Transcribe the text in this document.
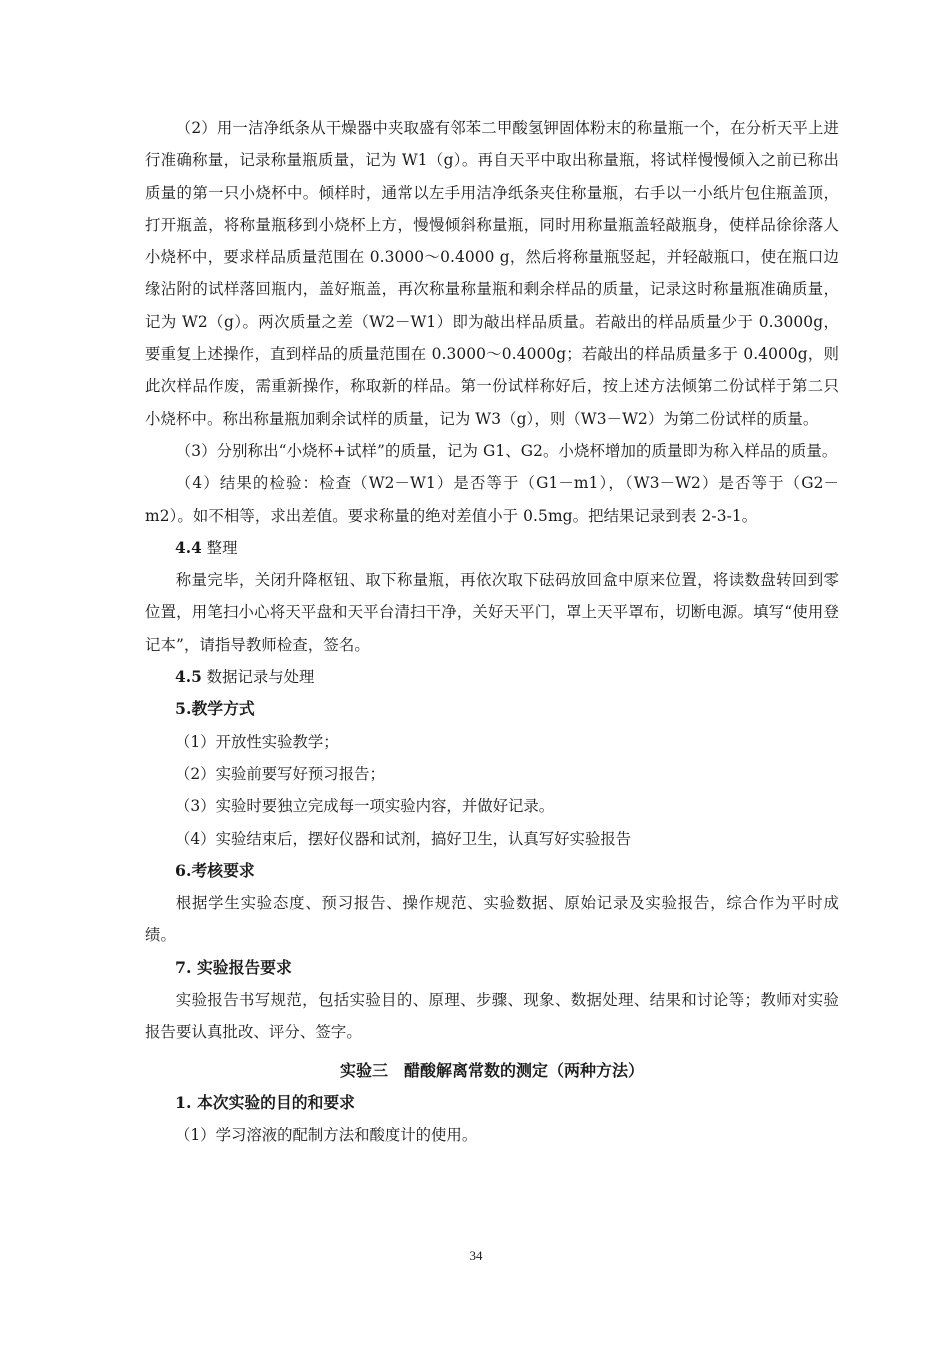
（2）用一洁净纸条从干燥器中夹取盛有邻苯二甲酸氢钾固体粉末的称量瓶一个，在分析天平上进行准确称量，记录称量瓶质量，记为 W1（g）。再自天平中取出称量瓶，将试样慢慢倾入之前已称出质量的第一只小烧杯中。倾样时，通常以左手用洁净纸条夹住称量瓶，右手以一小纸片包住瓶盖顶，打开瓶盖，将称量瓶移到小烧杯上方，慢慢倾斜称量瓶，同时用称量瓶盖轻敲瓶身，使样品徐徐落人小烧杯中，要求样品质量范围在 0.3000～0.4000 g，然后将称量瓶竖起，并轻敲瓶口，使在瓶口边缘沾附的试样落回瓶内，盖好瓶盖，再次称量称量瓶和剩余样品的质量，记录这时称量瓶准确质量，记为 W2（g）。两次质量之差（W2－W1）即为敲出样品质量。若敲出的样品质量少于 0.3000g，要重复上述操作，直到样品的质量范围在 0.3000～0.4000g；若敲出的样品质量多于 0.4000g，则此次样品作废，需重新操作，称取新的样品。第一份试样称好后，按上述方法倾第二份试样于第二只小烧杯中。称出称量瓶加剩余试样的质量，记为 W3（g），则（W3－W2）为第二份试样的质量。

（3）分别称出“小烧杯+试样”的质量，记为 G1、G2。小烧杯增加的质量即为称入样品的质量。

（4）结果的检验：检查（W2－W1）是否等于（G1－m1），（W3－W2）是否等于（G2－m2）。如不相等，求出差值。要求称量的绝对差值小于 0.5mg。把结果记录到表 2-3-1。

4.4 整理

称量完毕，关闭升降枢钮、取下称量瓶，再依次取下砝码放回盒中原来位置，将读数盘转回到零位置，用笔扫小心将天平盘和天平台清扫干净，关好天平门，罩上天平罩布，切断电源。填写“使用登记本”，请指导教师检查，签名。

4.5 数据记录与处理

5.教学方式

（1）开放性实验教学；

（2）实验前要写好预习报告；

（3）实验时要独立完成每一项实验内容，并做好记录。

（4）实验结束后，摆好仪器和试剂，搞好卫生，认真写好实验报告

6.考核要求

根据学生实验态度、预习报告、操作规范、实验数据、原始记录及实验报告，综合作为平时成绩。

7. 实验报告要求

实验报告书写规范，包括实验目的、原理、步骤、现象、数据处理、结果和讨论等；教师对实验报告要认真批改、评分、签字。

实验三　醋酸解离常数的测定（两种方法）

1. 本次实验的目的和要求

（1）学习溶液的配制方法和酸度计的使用。

34
